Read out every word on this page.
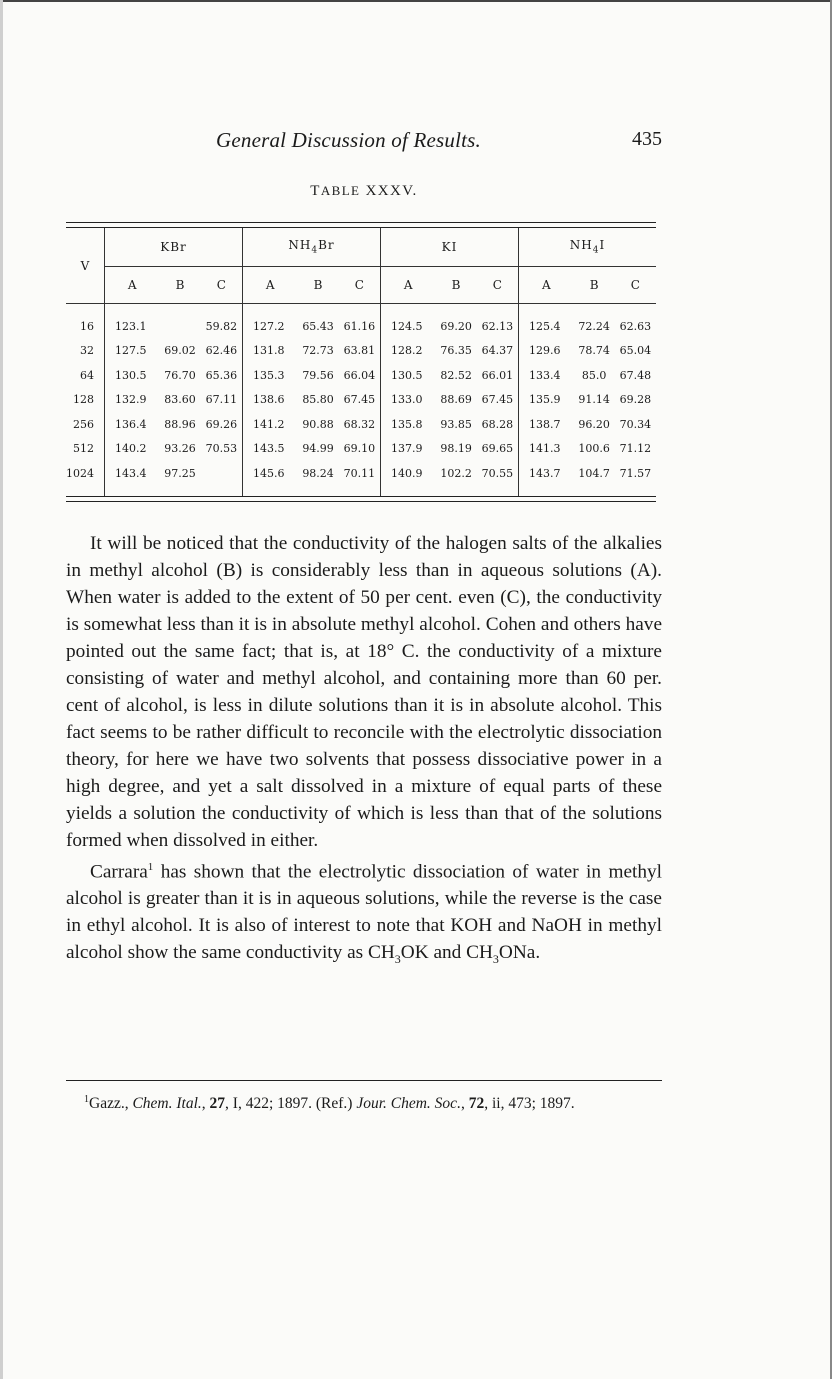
General Discussion of Results.	435
TABLE XXXV.
V	KBr			$NH_4Br$			KI			$NH_4I$		
	A	B	C	A	B	C	A	B	C	A	B	C

16	123.1		59.82	127.2	65.43	61.16	124.5	69.20	62.13	125.4	72.24	62.63
32	127.5	69.02	62.46	131.8	72.73	63.81	128.2	76.35	64.37	129.6	78.74	65.04
64	130.5	76.70	65.36	135.3	79.56	66.04	130.5	82.52	66.01	133.4	85.0	67.48
128	132.9	83.60	67.11	138.6	85.80	67.45	133.0	88.69	67.45	135.9	91.14	69.28
256	136.4	88.96	69.26	141.2	90.88	68.32	135.8	93.85	68.28	138.7	96.20	70.34
512	140.2	93.26	70.53	143.5	94.99	69.10	137.9	98.19	69.65	141.3	100.6	71.12
1024	143.4	97.25		145.6	98.24	70.11	140.9	102.2	70.55	143.7	104.7	71.57

It will be noticed that the conductivity of the halogen salts of the alkalies in methyl alcohol (B) is considerably less than in aqueous solutions (A). When water is added to the extent of 50 per cent. even (C), the conductivity is somewhat less than it is in absolute methyl alcohol. Cohen and others have pointed out the same fact; that is, at 18° C. the conductivity of a mixture consisting of water and methyl alcohol, and containing more than 60 per. cent of alcohol, is less in dilute solutions than it is in absolute alcohol. This fact seems to be rather difficult to reconcile with the electrolytic dissociation theory, for here we have two solvents that possess dissociative power in a high degree, and yet a salt dissolved in a mixture of equal parts of these yields a solution the conductivity of which is less than that of the solutions formed when dissolved in either.

Carrara$^1$ has shown that the electrolytic dissociation of water in methyl alcohol is greater than it is in aqueous solutions, while the reverse is the case in ethyl alcohol. It is also of interest to note that KOH and NaOH in methyl alcohol show the same conductivity as $CH_3OK$ and $CH_3ONa$.

$^1$Gazz., Chem. Ital., 27, I, 422; 1897. (Ref.) Jour. Chem. Soc., 72, ii, 473; 1897.
